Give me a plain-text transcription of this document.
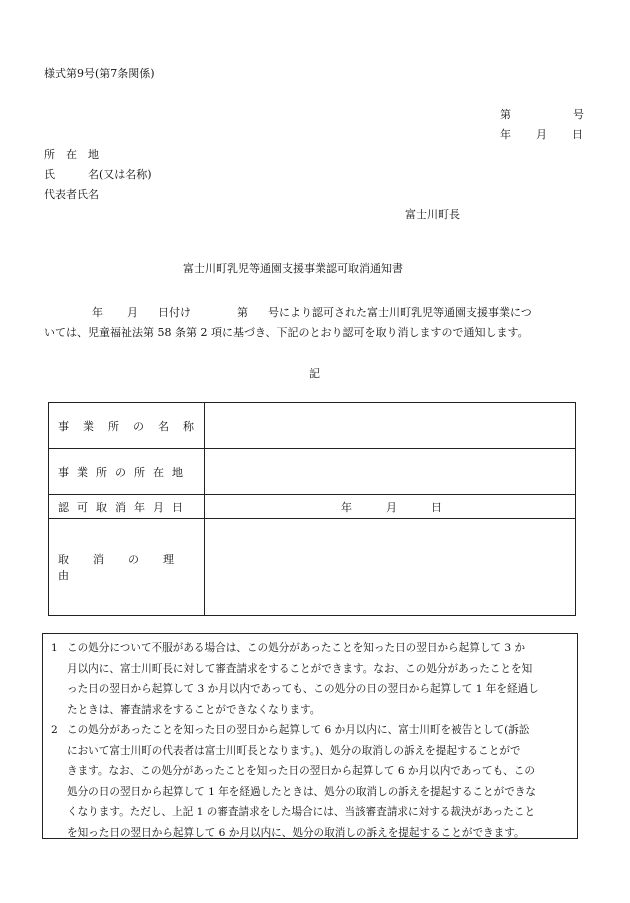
様式第9号(第7条関係)
第	号
年 月 日
所　在　地
氏	名(又は名称)
代表者氏名
富士川町長
富士川町乳児等通園支援事業認可取消通知書
年 月 日付け	第 号により認可された富士川町乳児等通園支援事業につ
いては、児童福祉法第 58 条第 2 項に基づき、下記のとおり認可を取り消しますので通知します。
記
事 業 所 の 名 称	
事 業 所 の 所 在 地	
認 可 取 消 年 月 日	年 月 日
取 消 の 理由	
1 この処分について不服がある場合は、この処分があったことを知った日の翌日から起算して 3 か
月以内に、富士川町長に対して審査請求をすることができます。なお、この処分があったことを知
った日の翌日から起算して 3 か月以内であっても、この処分の日の翌日から起算して 1 年を経過し
たときは、審査請求をすることができなくなります。
2 この処分があったことを知った日の翌日から起算して 6 か月以内に、富士川町を被告として(訴訟
において富士川町の代表者は富士川町長となります。)、処分の取消しの訴えを提起することがで
きます。なお、この処分があったことを知った日の翌日から起算して 6 か月以内であっても、この
処分の日の翌日から起算して 1 年を経過したときは、処分の取消しの訴えを提起することができな
くなります。ただし、上記 1 の審査請求をした場合には、当該審査請求に対する裁決があったこと
を知った日の翌日から起算して 6 か月以内に、処分の取消しの訴えを提起することができます。
